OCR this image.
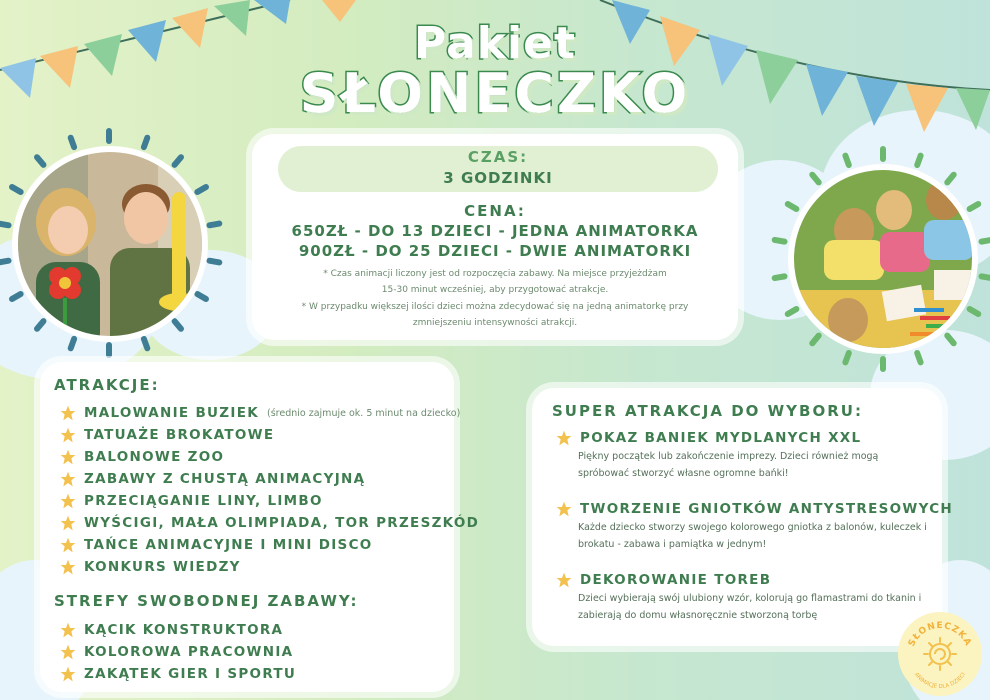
Pakiet
SŁONECZKO
CZAS:
3 GODZINKI
CENA:
650ZŁ - DO 13 DZIECI - JEDNA ANIMATORKA
900ZŁ - DO 25 DZIECI - DWIE ANIMATORKI
* Czas animacji liczony jest od rozpoczęcia zabawy. Na miejsce przyjeżdżam 15-30 minut wcześniej, aby przygotować atrakcje.
* W przypadku większej ilości dzieci można zdecydować się na jedną animatorkę przy zmniejszeniu intensywności atrakcji.
ATRAKCJE:
MALOWANIE BUZIEK (średnio zajmuje ok. 5 minut na dziecko)
TATUAŻE BROKATOWE
BALONOWE ZOO
ZABAWY Z CHUSTĄ ANIMACYJNĄ
PRZECIĄGANIE LINY, LIMBO
WYŚCIGI, MAŁA OLIMPIADA, TOR PRZESZKÓD
TAŃCE ANIMACYJNE I MINI DISCO
KONKURS WIEDZY
STREFY SWOBODNEJ ZABAWY:
KĄCIK KONSTRUKTORA
KOLOROWA PRACOWNIA
ZAKĄTEK GIER I SPORTU
SUPER ATRAKCJA DO WYBORU:
POKAZ BANIEK MYDLANYCH XXL
Piękny początek lub zakończenie imprezy. Dzieci również mogą spróbować stworzyć własne ogromne bańki!
TWORZENIE GNIOTKÓW ANTYSTRESOWYCH
Każde dziecko stworzy swojego kolorowego gniotka z balonów, kuleczek i brokatu - zabawa i pamiątka w jednym!
DEKOROWANIE TOREB
Dzieci wybierają swój ulubiony wzór, kolorują go flamastrami do tkanin i zabierają do domu własnoręcznie stworzoną torbę
SŁONECZKA
ANIMACJE DLA DZIECI
